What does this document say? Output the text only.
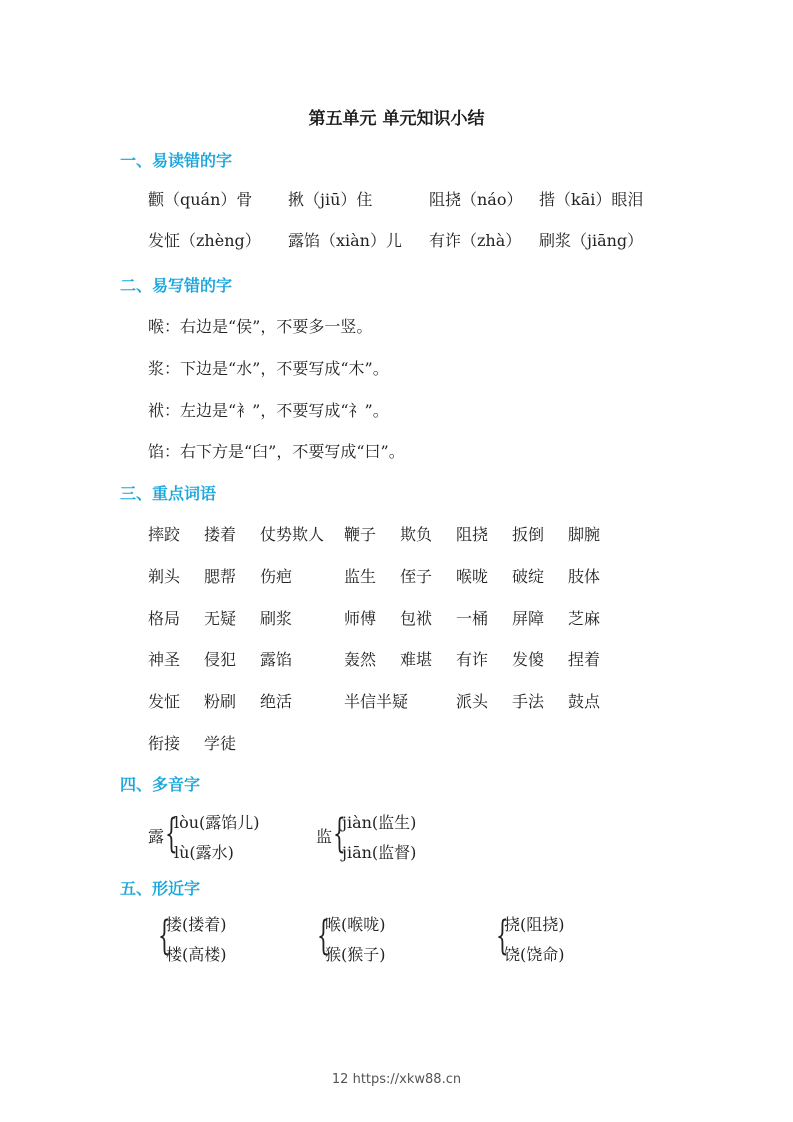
第五单元 单元知识小结
一、易读错的字
颧（quán）骨 揪（jiū）住	阻挠（náo） 揩（kāi）眼泪
发怔（zhèng） 露馅（xiàn）儿 有诈（zhà） 刷浆（jiāng）
二、易写错的字
喉：右边是“侯”，不要多一竖。
浆：下边是“水”，不要写成“木”。
袱：左边是“衤”，不要写成“礻”。
馅：右下方是“臼”，不要写成“曰”。
三、重点词语
摔跤 搂着 仗势欺人 鞭子 欺负 阻挠 扳倒 脚腕
剃头 腮帮 伤疤	监生 侄子 喉咙 破绽 肢体
格局 无疑 刷浆	师傅 包袱 一桶 屏障 芝麻
神圣 侵犯 露馅	轰然 难堪 有诈 发傻 捏着
发怔 粉刷 绝活	半信半疑	派头 手法 鼓点
衔接 学徒
四、多音字
露 {
lòu(露馅儿)
lù(露水)
监 {
jiàn(监生)
jiān(监督)
五、形近字
{
搂(搂着)
楼(高楼) {
喉(喉咙)
猴(猴子)	{
挠(阻挠)
饶(饶命)
12 https://xkw88.cn
